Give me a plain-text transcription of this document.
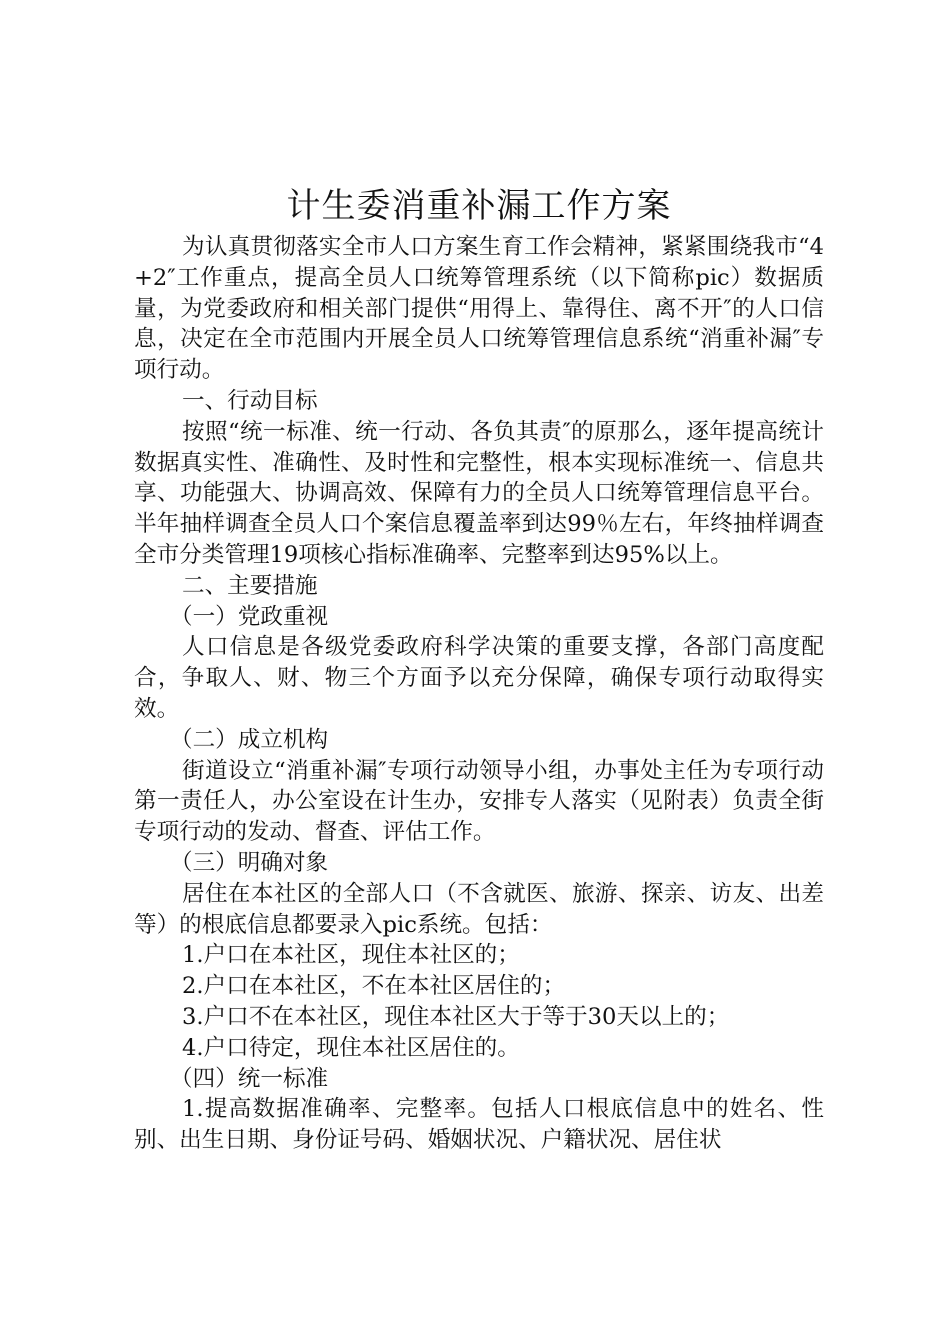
计生委消重补漏工作方案

为认真贯彻落实全市人口方案生育工作会精神，紧紧围绕我市“4+2″工作重点，提高全员人口统筹管理系统（以下简称pic）数据质量，为党委政府和相关部门提供“用得上、靠得住、离不开″的人口信息，决定在全市范围内开展全员人口统筹管理信息系统“消重补漏″专项行动。

一、行动目标

按照“统一标准、统一行动、各负其责″的原那么，逐年提高统计数据真实性、准确性、及时性和完整性，根本实现标准统一、信息共享、功能强大、协调高效、保障有力的全员人口统筹管理信息平台。半年抽样调查全员人口个案信息覆盖率到达99％左右，年终抽样调查全市分类管理19项核心指标准确率、完整率到达95%以上。

二、主要措施

（一）党政重视

人口信息是各级党委政府科学决策的重要支撑，各部门高度配合，争取人、财、物三个方面予以充分保障，确保专项行动取得实效。

（二）成立机构

街道设立“消重补漏″专项行动领导小组，办事处主任为专项行动第一责任人，办公室设在计生办，安排专人落实（见附表）负责全街专项行动的发动、督查、评估工作。

（三）明确对象

居住在本社区的全部人口（不含就医、旅游、探亲、访友、出差等）的根底信息都要录入pic系统。包括：

1.户口在本社区，现住本社区的；

2.户口在本社区，不在本社区居住的；

3.户口不在本社区，现住本社区大于等于30天以上的；

4.户口待定，现住本社区居住的。

（四）统一标准

1.提高数据准确率、完整率。包括人口根底信息中的姓名、性别、出生日期、身份证号码、婚姻状况、户籍状况、居住状
